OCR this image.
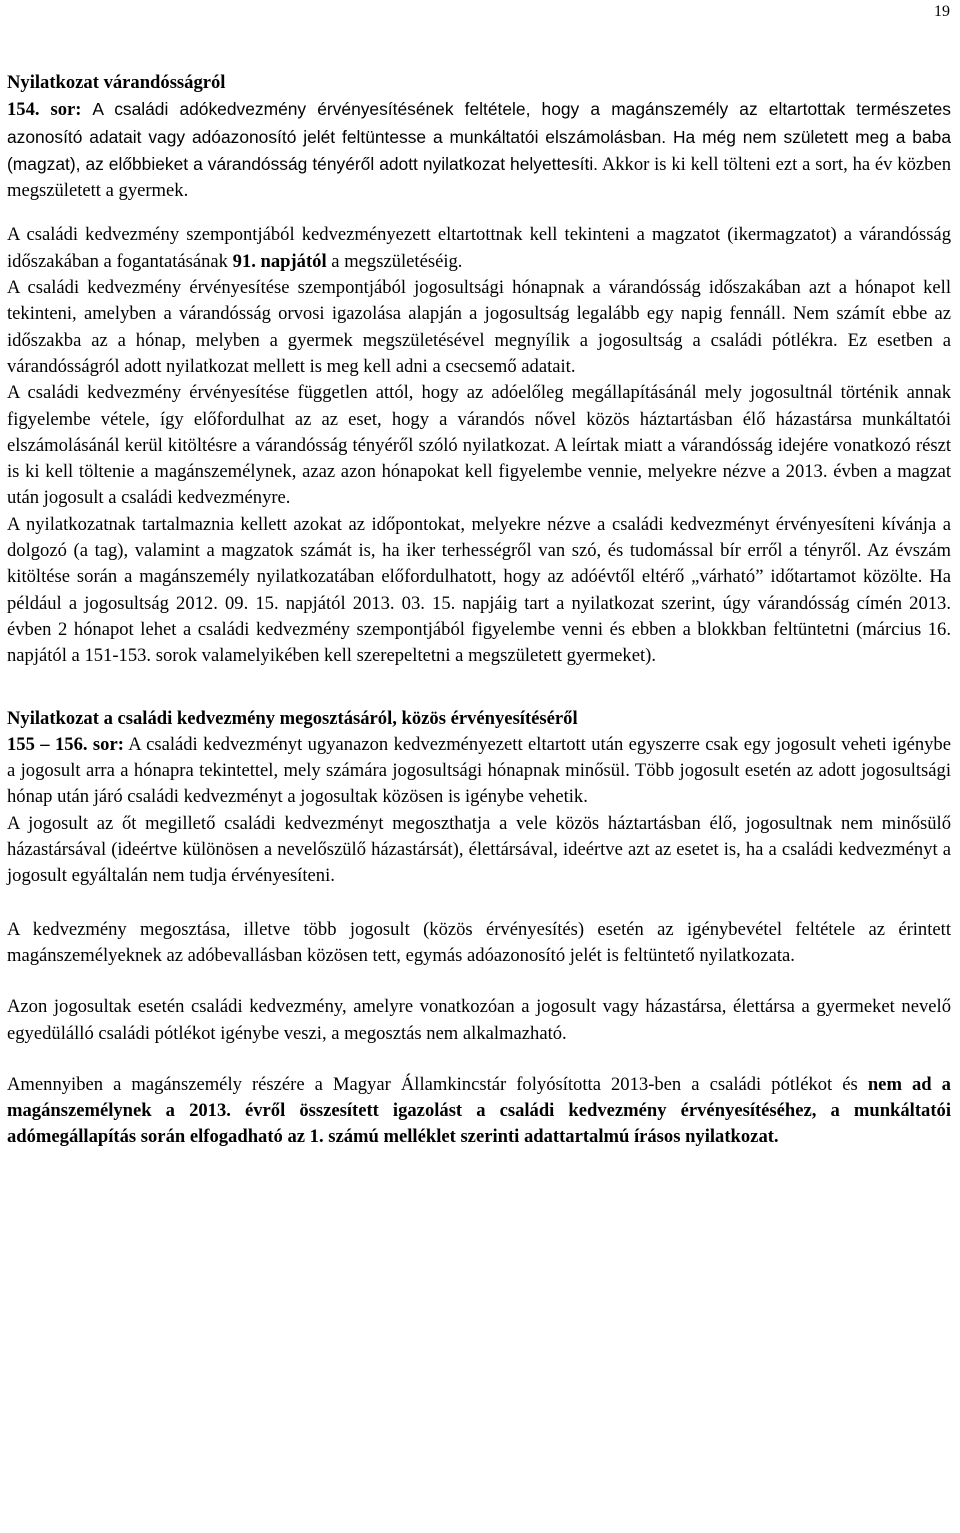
19

Nyilatkozat várandósságról

154. sor: A családi adókedvezmény érvényesítésének feltétele, hogy a magánszemély az eltartottak természetes azonosító adatait vagy adóazonosító jelét feltüntesse a munkáltatói elszámolásban. Ha még nem született meg a baba (magzat), az előbbieket a várandósság tényéről adott nyilatkozat helyettesíti. Akkor is ki kell tölteni ezt a sort, ha év közben megszületett a gyermek.

A családi kedvezmény szempontjából kedvezményezett eltartottnak kell tekinteni a magzatot (ikermagzatot) a várandósság időszakában a fogantatásának 91. napjától a megszületéséig.

A családi kedvezmény érvényesítése szempontjából jogosultsági hónapnak a várandósság időszakában azt a hónapot kell tekinteni, amelyben a várandósság orvosi igazolása alapján a jogosultság legalább egy napig fennáll. Nem számít ebbe az időszakba az a hónap, melyben a gyermek megszületésével megnyílik a jogosultság a családi pótlékra. Ez esetben a várandósságról adott nyilatkozat mellett is meg kell adni a csecsemő adatait.

A családi kedvezmény érvényesítése független attól, hogy az adóelőleg megállapításánál mely jogosultnál történik annak figyelembe vétele, így előfordulhat az az eset, hogy a várandós nővel közös háztartásban élő házastársa munkáltatói elszámolásánál kerül kitöltésre a várandósság tényéről szóló nyilatkozat. A leírtak miatt a várandósság idejére vonatkozó részt is ki kell töltenie a magánszemélynek, azaz azon hónapokat kell figyelembe vennie, melyekre nézve a 2013. évben a magzat után jogosult a családi kedvezményre.

A nyilatkozatnak tartalmaznia kellett azokat az időpontokat, melyekre nézve a családi kedvezményt érvényesíteni kívánja a dolgozó (a tag), valamint a magzatok számát is, ha iker terhességről van szó, és tudomással bír erről a tényről. Az évszám kitöltése során a magánszemély nyilatkozatában előfordulhatott, hogy az adóévtől eltérő „várható” időtartamot közölte. Ha például a jogosultság 2012. 09. 15. napjától 2013. 03. 15. napjáig tart a nyilatkozat szerint, úgy várandósság címén 2013. évben 2 hónapot lehet a családi kedvezmény szempontjából figyelembe venni és ebben a blokkban feltüntetni (március 16. napjától a 151-153. sorok valamelyikében kell szerepeltetni a megszületett gyermeket).

Nyilatkozat a családi kedvezmény megosztásáról, közös érvényesítéséről

155 – 156. sor: A családi kedvezményt ugyanazon kedvezményezett eltartott után egyszerre csak egy jogosult veheti igénybe a jogosult arra a hónapra tekintettel, mely számára jogosultsági hónapnak minősül. Több jogosult esetén az adott jogosultsági hónap után járó családi kedvezményt a jogosultak közösen is igénybe vehetik.

A jogosult az őt megillető családi kedvezményt megoszthatja a vele közös háztartásban élő, jogosultnak nem minősülő házastársával (ideértve különösen a nevelőszülő házastársát), élettársával, ideértve azt az esetet is, ha a családi kedvezményt a jogosult egyáltalán nem tudja érvényesíteni.

A kedvezmény megosztása, illetve több jogosult (közös érvényesítés) esetén az igénybevétel feltétele az érintett magánszemélyeknek az adóbevallásban közösen tett, egymás adóazonosító jelét is feltüntető nyilatkozata.

Azon jogosultak esetén családi kedvezmény, amelyre vonatkozóan a jogosult vagy házastársa, élettársa a gyermeket nevelő egyedülálló családi pótlékot igénybe veszi, a megosztás nem alkalmazható.

Amennyiben a magánszemély részére a Magyar Államkincstár folyósította 2013-ben a családi pótlékot és nem ad a magánszemélynek a 2013. évről összesített igazolást a családi kedvezmény érvényesítéséhez, a munkáltatói adómegállapítás során elfogadható az 1. számú melléklet szerinti adattartalmú írásos nyilatkozat.
